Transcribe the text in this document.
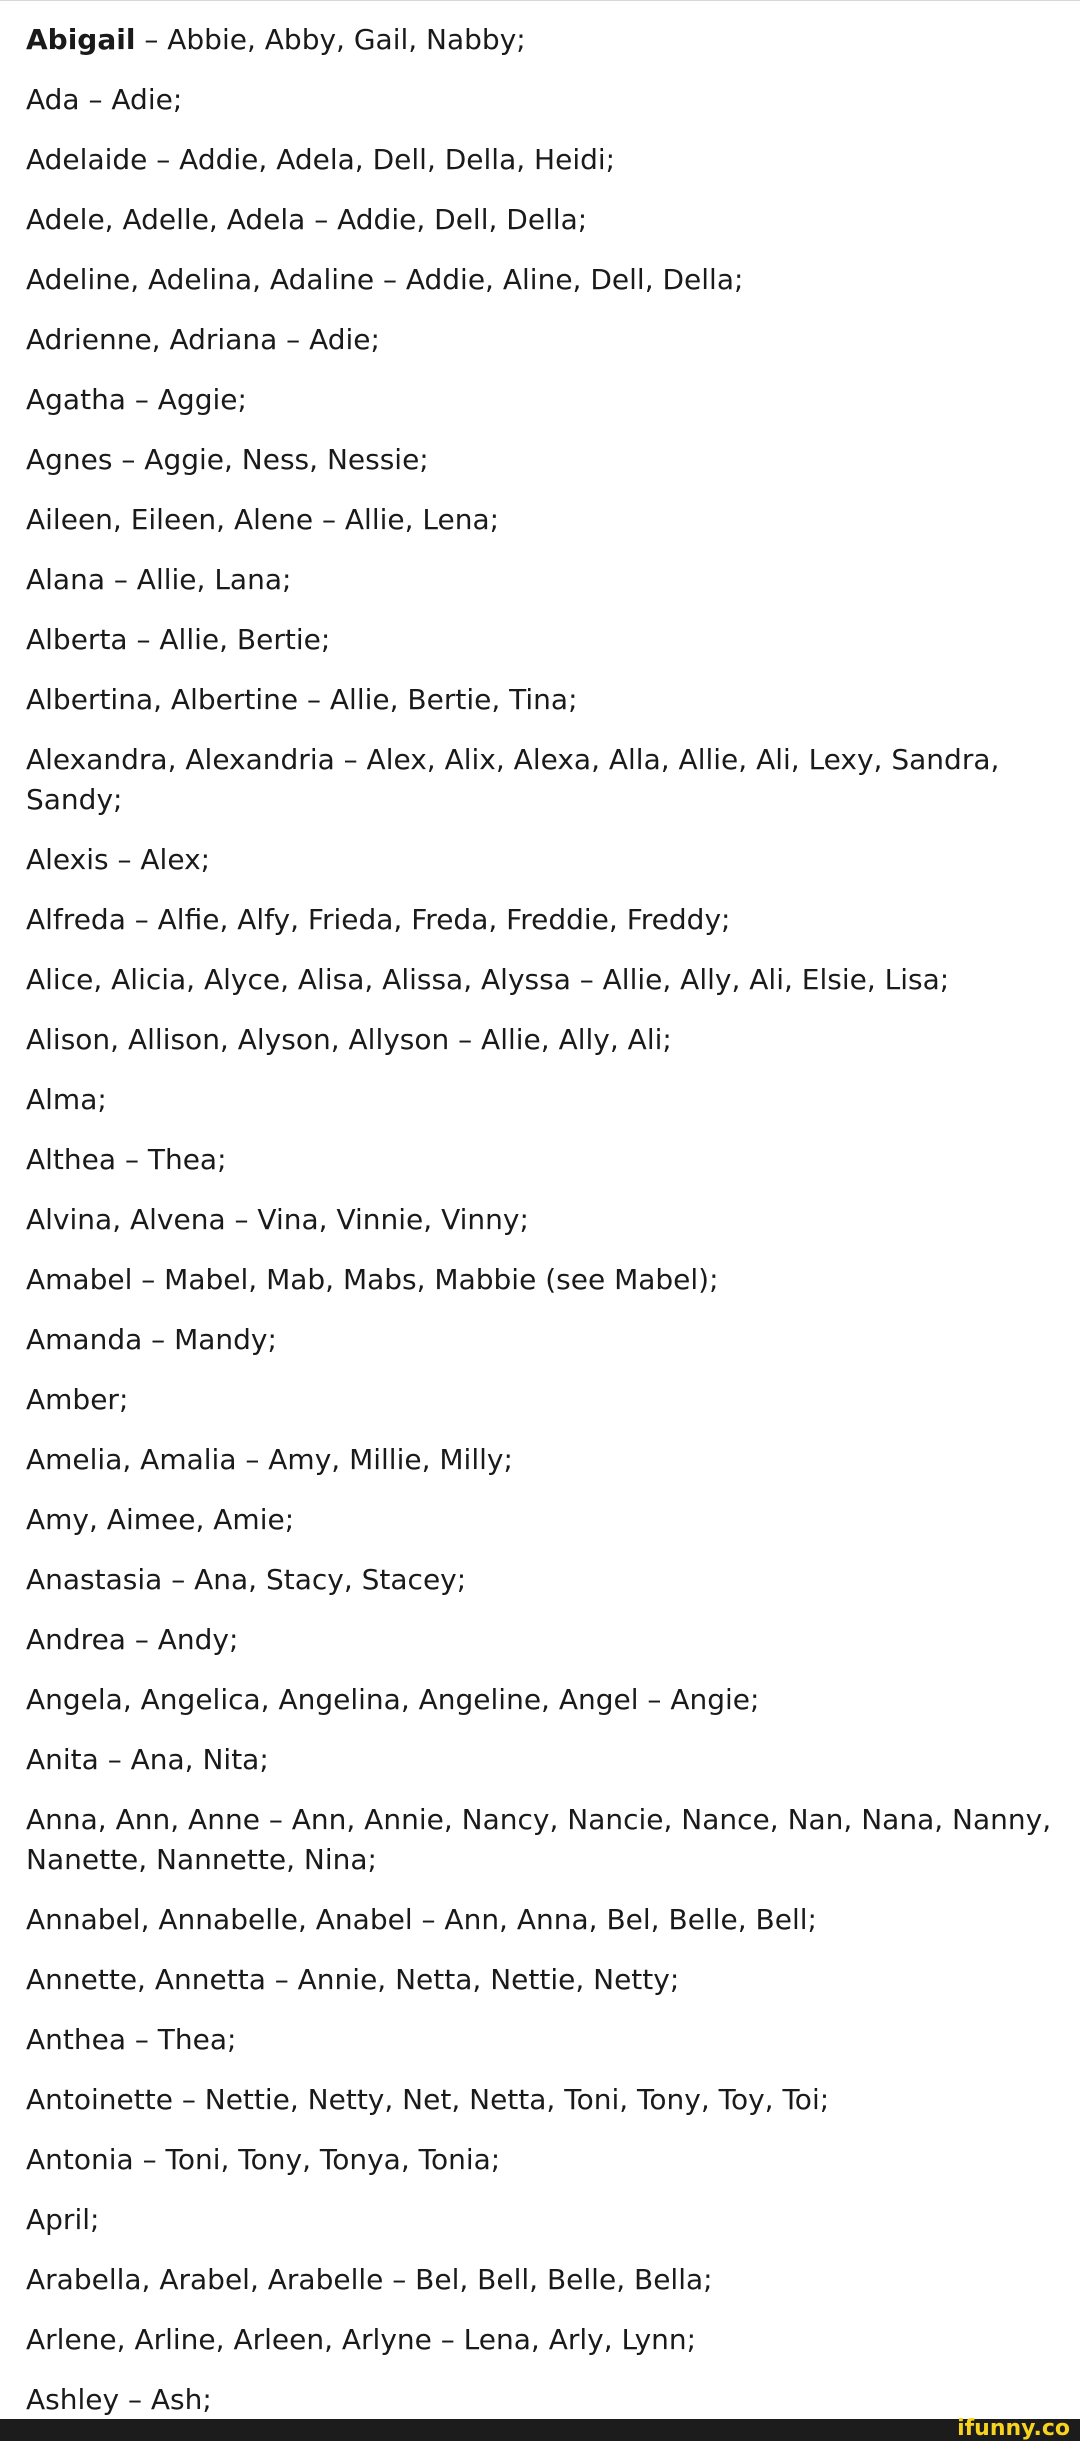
Abigail – Abbie, Abby, Gail, Nabby;
Ada – Adie;
Adelaide – Addie, Adela, Dell, Della, Heidi;
Adele, Adelle, Adela – Addie, Dell, Della;
Adeline, Adelina, Adaline – Addie, Aline, Dell, Della;
Adrienne, Adriana – Adie;
Agatha – Aggie;
Agnes – Aggie, Ness, Nessie;
Aileen, Eileen, Alene – Allie, Lena;
Alana – Allie, Lana;
Alberta – Allie, Bertie;
Albertina, Albertine – Allie, Bertie, Tina;
Alexandra, Alexandria – Alex, Alix, Alexa, Alla, Allie, Ali, Lexy, Sandra, Sandy;
Alexis – Alex;
Alfreda – Alfie, Alfy, Frieda, Freda, Freddie, Freddy;
Alice, Alicia, Alyce, Alisa, Alissa, Alyssa – Allie, Ally, Ali, Elsie, Lisa;
Alison, Allison, Alyson, Allyson – Allie, Ally, Ali;
Alma;
Althea – Thea;
Alvina, Alvena – Vina, Vinnie, Vinny;
Amabel – Mabel, Mab, Mabs, Mabbie (see Mabel);
Amanda – Mandy;
Amber;
Amelia, Amalia – Amy, Millie, Milly;
Amy, Aimee, Amie;
Anastasia – Ana, Stacy, Stacey;
Andrea – Andy;
Angela, Angelica, Angelina, Angeline, Angel – Angie;
Anita – Ana, Nita;
Anna, Ann, Anne – Ann, Annie, Nancy, Nancie, Nance, Nan, Nana, Nanny, Nanette, Nannette, Nina;
Annabel, Annabelle, Anabel – Ann, Anna, Bel, Belle, Bell;
Annette, Annetta – Annie, Netta, Nettie, Netty;
Anthea – Thea;
Antoinette – Nettie, Netty, Net, Netta, Toni, Tony, Toy, Toi;
Antonia – Toni, Tony, Tonya, Tonia;
April;
Arabella, Arabel, Arabelle – Bel, Bell, Belle, Bella;
Arlene, Arline, Arleen, Arlyne – Lena, Arly, Lynn;
Ashley – Ash;
ifunny.co
